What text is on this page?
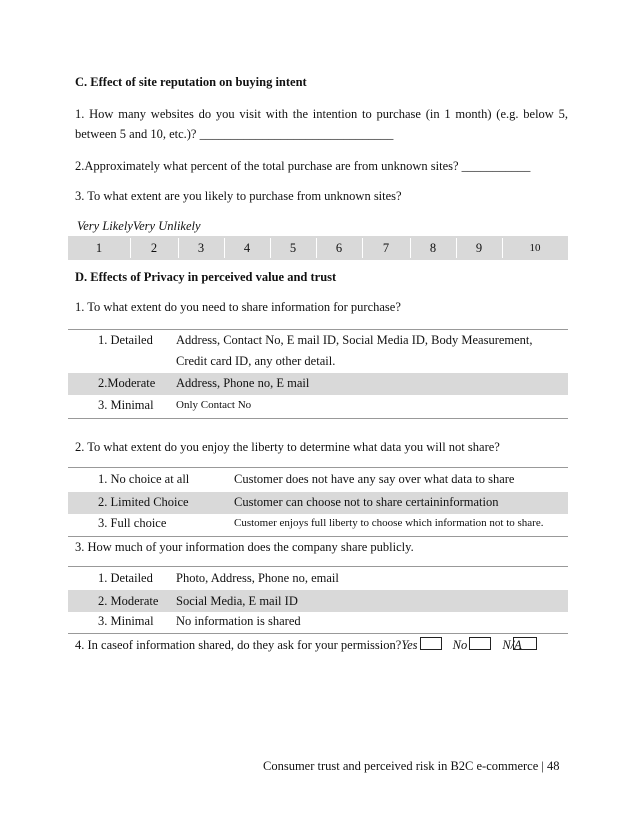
C. Effect of site reputation on buying intent
1. How many websites do you visit with the intention to purchase (in 1 month) (e.g. below 5,
between 5 and 10, etc.)? _______________________________
2.Approximately what percent of the total purchase are from unknown sites? ___________
3. To what extent are you likely to purchase from unknown sites?
Very LikelyVery Unlikely
1	2	3	4	5	6	7	8	9	10
D. Effects of Privacy in perceived value and trust
1. To what extent do you need to share information for purchase?
1. Detailed Address, Contact No, E mail ID, Social Media ID, Body Measurement,
Credit card ID, any other detail.
2.Moderate Address, Phone no, E mail
3. Minimal Only Contact No
2. To what extent do you enjoy the liberty to determine what data you will not share?
1. No choice at all	Customer does not have any say over what data to share
2. Limited Choice	Customer can choose not to share certaininformation
3. Full choice	Customer enjoys full liberty to choose which information not to share.
3. How much of your information does the company share publicly.
1. Detailed Photo, Address, Phone no, email
2. Moderate Social Media, E mail ID
3. Minimal No information is shared
4. In caseof information shared, do they ask for your permission?Yes	No	N/A
Consumer trust and perceived risk in B2C e-commerce | 48
